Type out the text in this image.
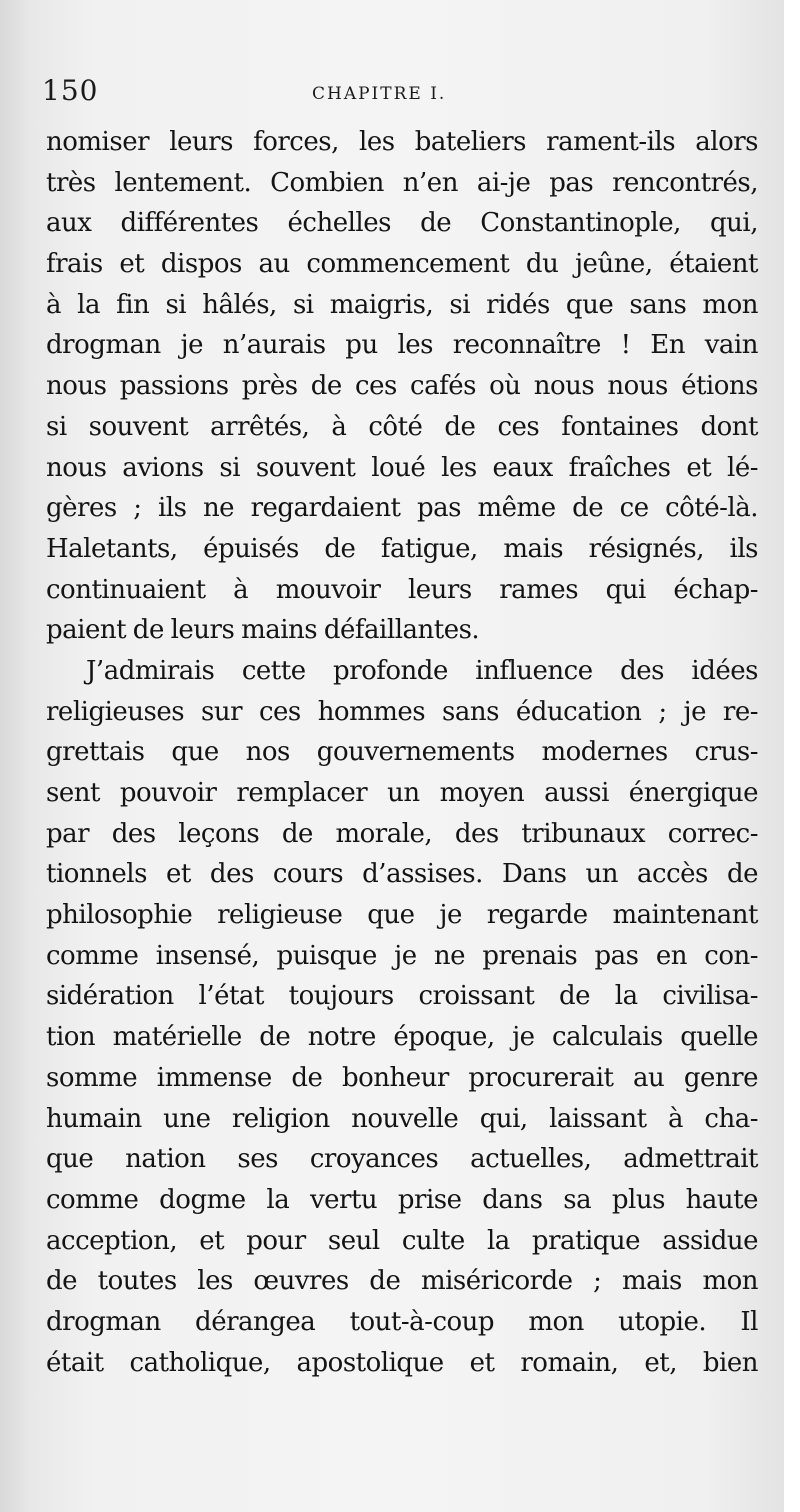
150	CHAPITRE I.
nomiser leurs forces, les bateliers rament-ils alors
très lentement. Combien n’en ai-je pas rencontrés,
aux différentes échelles de Constantinople, qui,
frais et dispos au commencement du jeûne, étaient
à la fin si hâlés, si maigris, si ridés que sans mon
drogman je n’aurais pu les reconnaître ! En vain
nous passions près de ces cafés où nous nous étions
si souvent arrêtés, à côté de ces fontaines dont
nous avions si souvent loué les eaux fraîches et lé-
gères ; ils ne regardaient pas même de ce côté-là.
Haletants, épuisés de fatigue, mais résignés, ils
continuaient à mouvoir leurs rames qui échap-
paient de leurs mains défaillantes.
J’admirais cette profonde influence des idées
religieuses sur ces hommes sans éducation ; je re-
grettais que nos gouvernements modernes crus-
sent pouvoir remplacer un moyen aussi énergique
par des leçons de morale, des tribunaux correc-
tionnels et des cours d’assises. Dans un accès de
philosophie religieuse que je regarde maintenant
comme insensé, puisque je ne prenais pas en con-
sidération l’état toujours croissant de la civilisa-
tion matérielle de notre époque, je calculais quelle
somme immense de bonheur procurerait au genre
humain une religion nouvelle qui, laissant à cha-
que nation ses croyances actuelles, admettrait
comme dogme la vertu prise dans sa plus haute
acception, et pour seul culte la pratique assidue
de toutes les œuvres de miséricorde ; mais mon
drogman dérangea tout-à-coup mon utopie. Il
était catholique, apostolique et romain, et, bien
